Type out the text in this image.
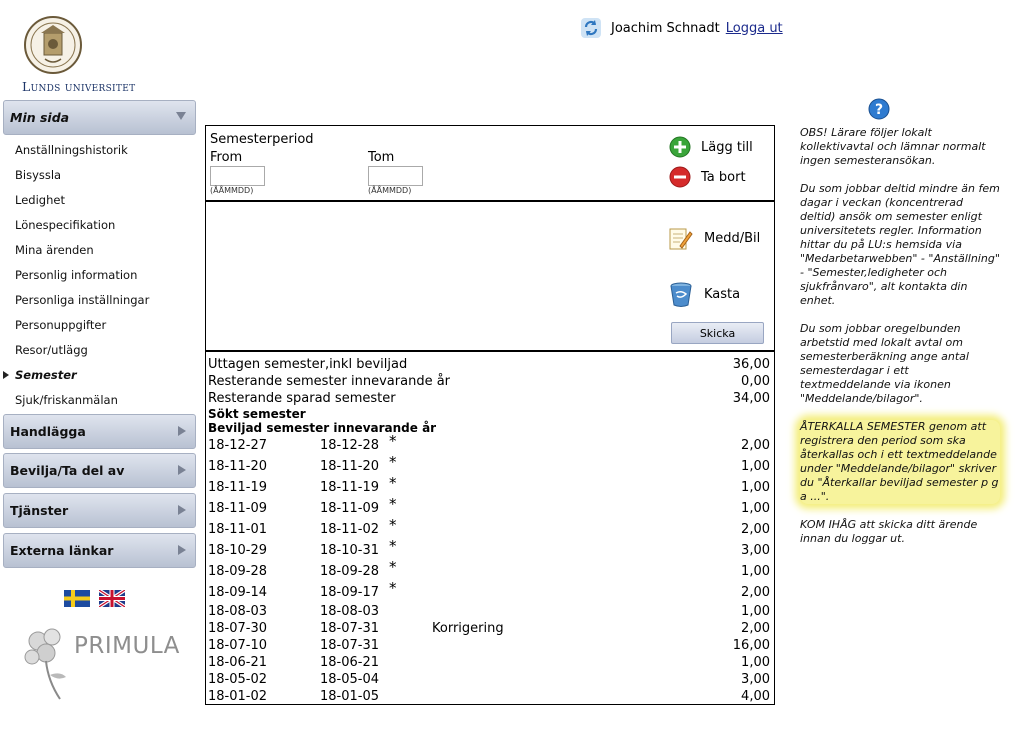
Lunds universitet
Joachim Schnadt Logga ut
Min sida
Anställningshistorik
Bisyssla
Ledighet
Lönespecifikation
Mina ärenden
Personlig information
Personliga inställningar
Personuppgifter
Resor/utlägg
Semester
Sjuk/friskanmälan
Handlägga
Bevilja/Ta del av
Tjänster
Externa länkar
PRIMULA
Semesterperiod
From	Tom
(ÅÅMMDD)	(ÅÅMMDD)
Lägg till
Ta bort
Medd/Bil
Kasta
Skicka
Uttagen semester,inkl beviljad	36,00
Resterande semester innevarande år	0,00
Resterande sparad semester	34,00
Sökt semester
Beviljad semester innevarande år
18-12-27	18-12-28 *	2,00
18-11-20	18-11-20 *	1,00
18-11-19	18-11-19 *	1,00
18-11-09	18-11-09 *	1,00
18-11-01	18-11-02 *	2,00
18-10-29	18-10-31 *	3,00
18-09-28	18-09-28 *	1,00
18-09-14	18-09-17 *	2,00
18-08-03	18-08-03	1,00
18-07-30	18-07-31	Korrigering	2,00
18-07-10	18-07-31	16,00
18-06-21	18-06-21	1,00
18-05-02	18-05-04	3,00
18-01-02	18-01-05	4,00
?

OBS! Lärare följer lokalt kollektivavtal och lämnar normalt ingen semesteransökan.

Du som jobbar deltid mindre än fem dagar i veckan (koncentrerad deltid) ansök om semester enligt universitetets regler. Information hittar du på LU:s hemsida via "Medarbetarwebben" - "Anställning" - "Semester,ledigheter och sjukfrånvaro", alt kontakta din enhet.

Du som jobbar oregelbunden arbetstid med lokalt avtal om semesterberäkning ange antal semesterdagar i ett textmeddelande via ikonen "Meddelande/bilagor".

ÅTERKALLA SEMESTER genom att registrera den period som ska återkallas och i ett textmeddelande under "Meddelande/bilagor" skriver du "Återkallar beviljad semester p g a ...".

KOM IHÅG att skicka ditt ärende innan du loggar ut.
